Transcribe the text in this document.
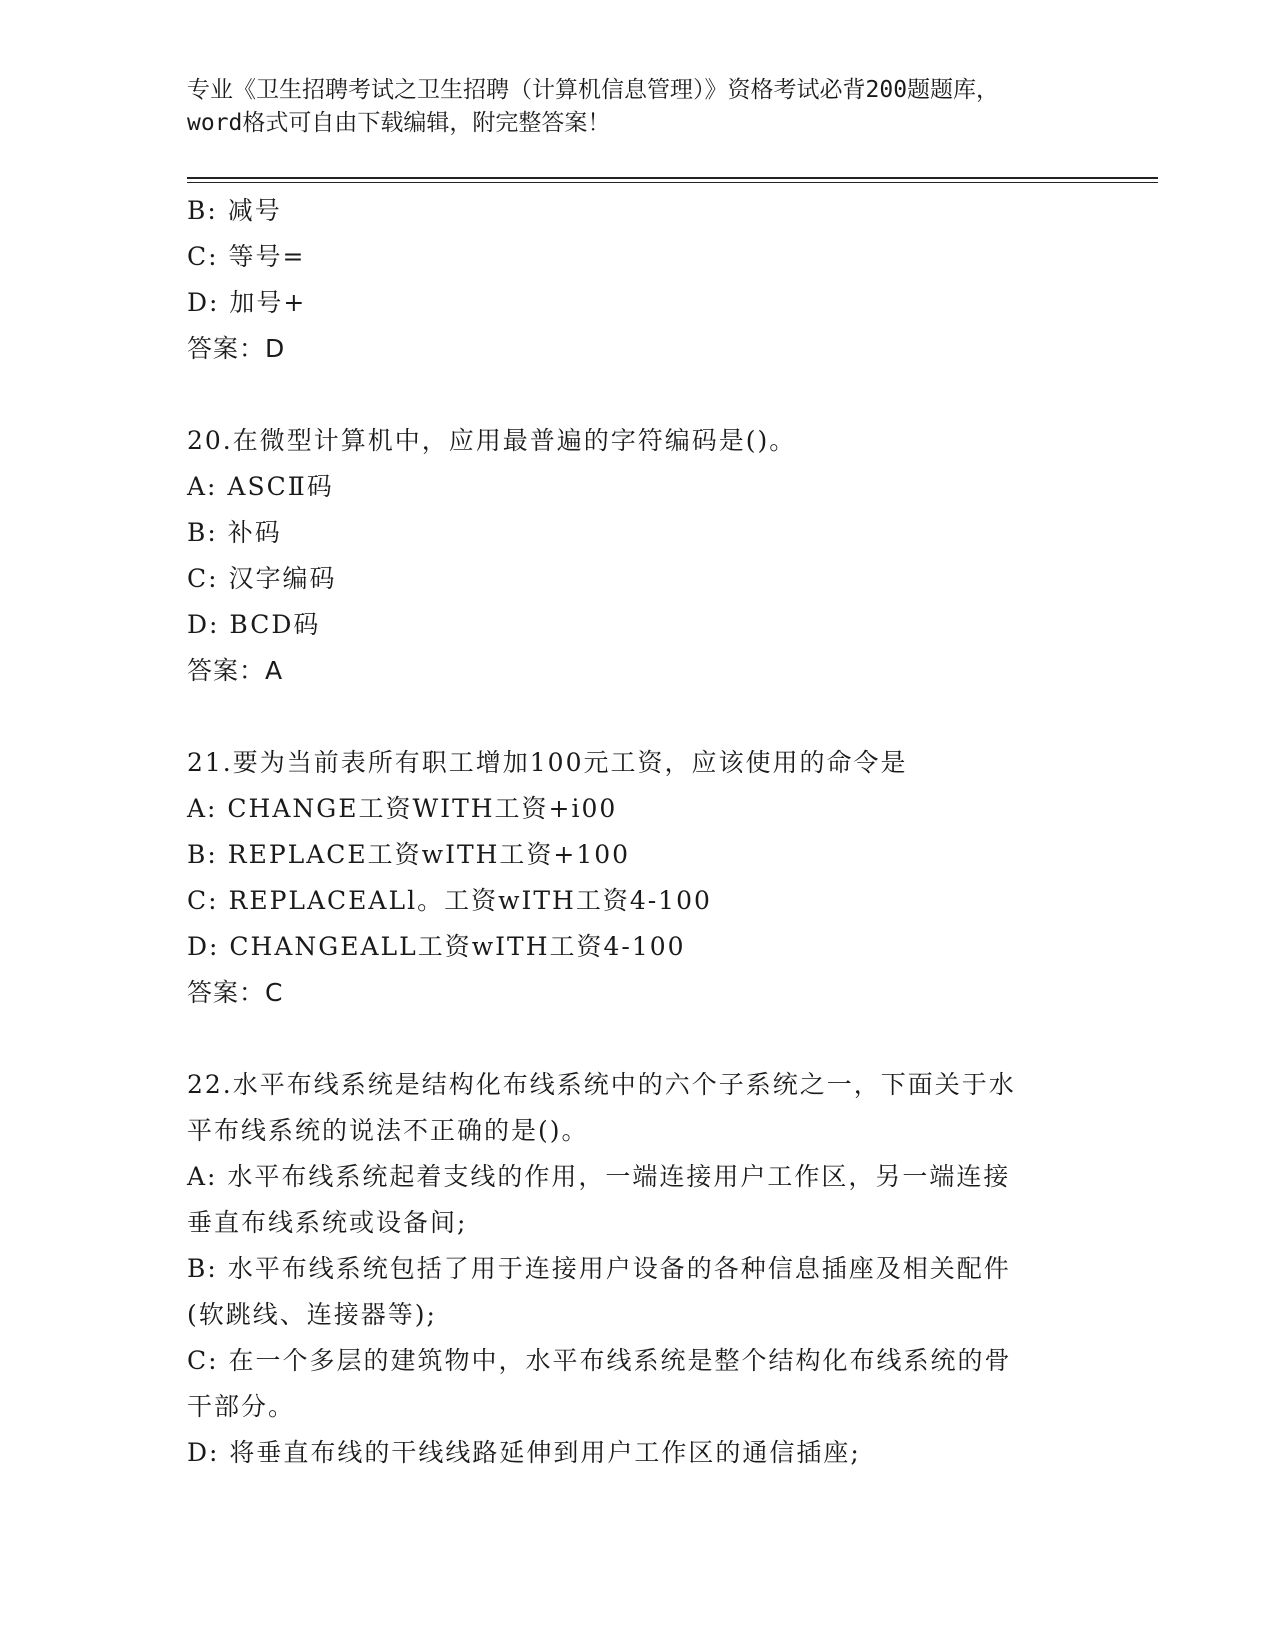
专业《卫生招聘考试之卫生招聘（计算机信息管理）》资格考试必背200题题库，
word格式可自由下载编辑，附完整答案！
B: 减号
C: 等号=
D: 加号+
答案：D
20.在微型计算机中，应用最普遍的字符编码是()。
A: ASCⅡ码
B: 补码
C: 汉字编码
D: BCD码
答案：A
21.要为当前表所有职工增加100元工资，应该使用的命令是
A: CHANGE工资WITH工资+i00
B: REPLACE工资wITH工资+100
C: REPLACEALl。工资wITH工资4-100
D: CHANGEALL工资wITH工资4-100
答案：C
22.水平布线系统是结构化布线系统中的六个子系统之一，下面关于水
平布线系统的说法不正确的是()。
A: 水平布线系统起着支线的作用，一端连接用户工作区，另一端连接
垂直布线系统或设备间;
B: 水平布线系统包括了用于连接用户设备的各种信息插座及相关配件
(软跳线、连接器等);
C: 在一个多层的建筑物中，水平布线系统是整个结构化布线系统的骨
干部分。
D: 将垂直布线的干线线路延伸到用户工作区的通信插座;
